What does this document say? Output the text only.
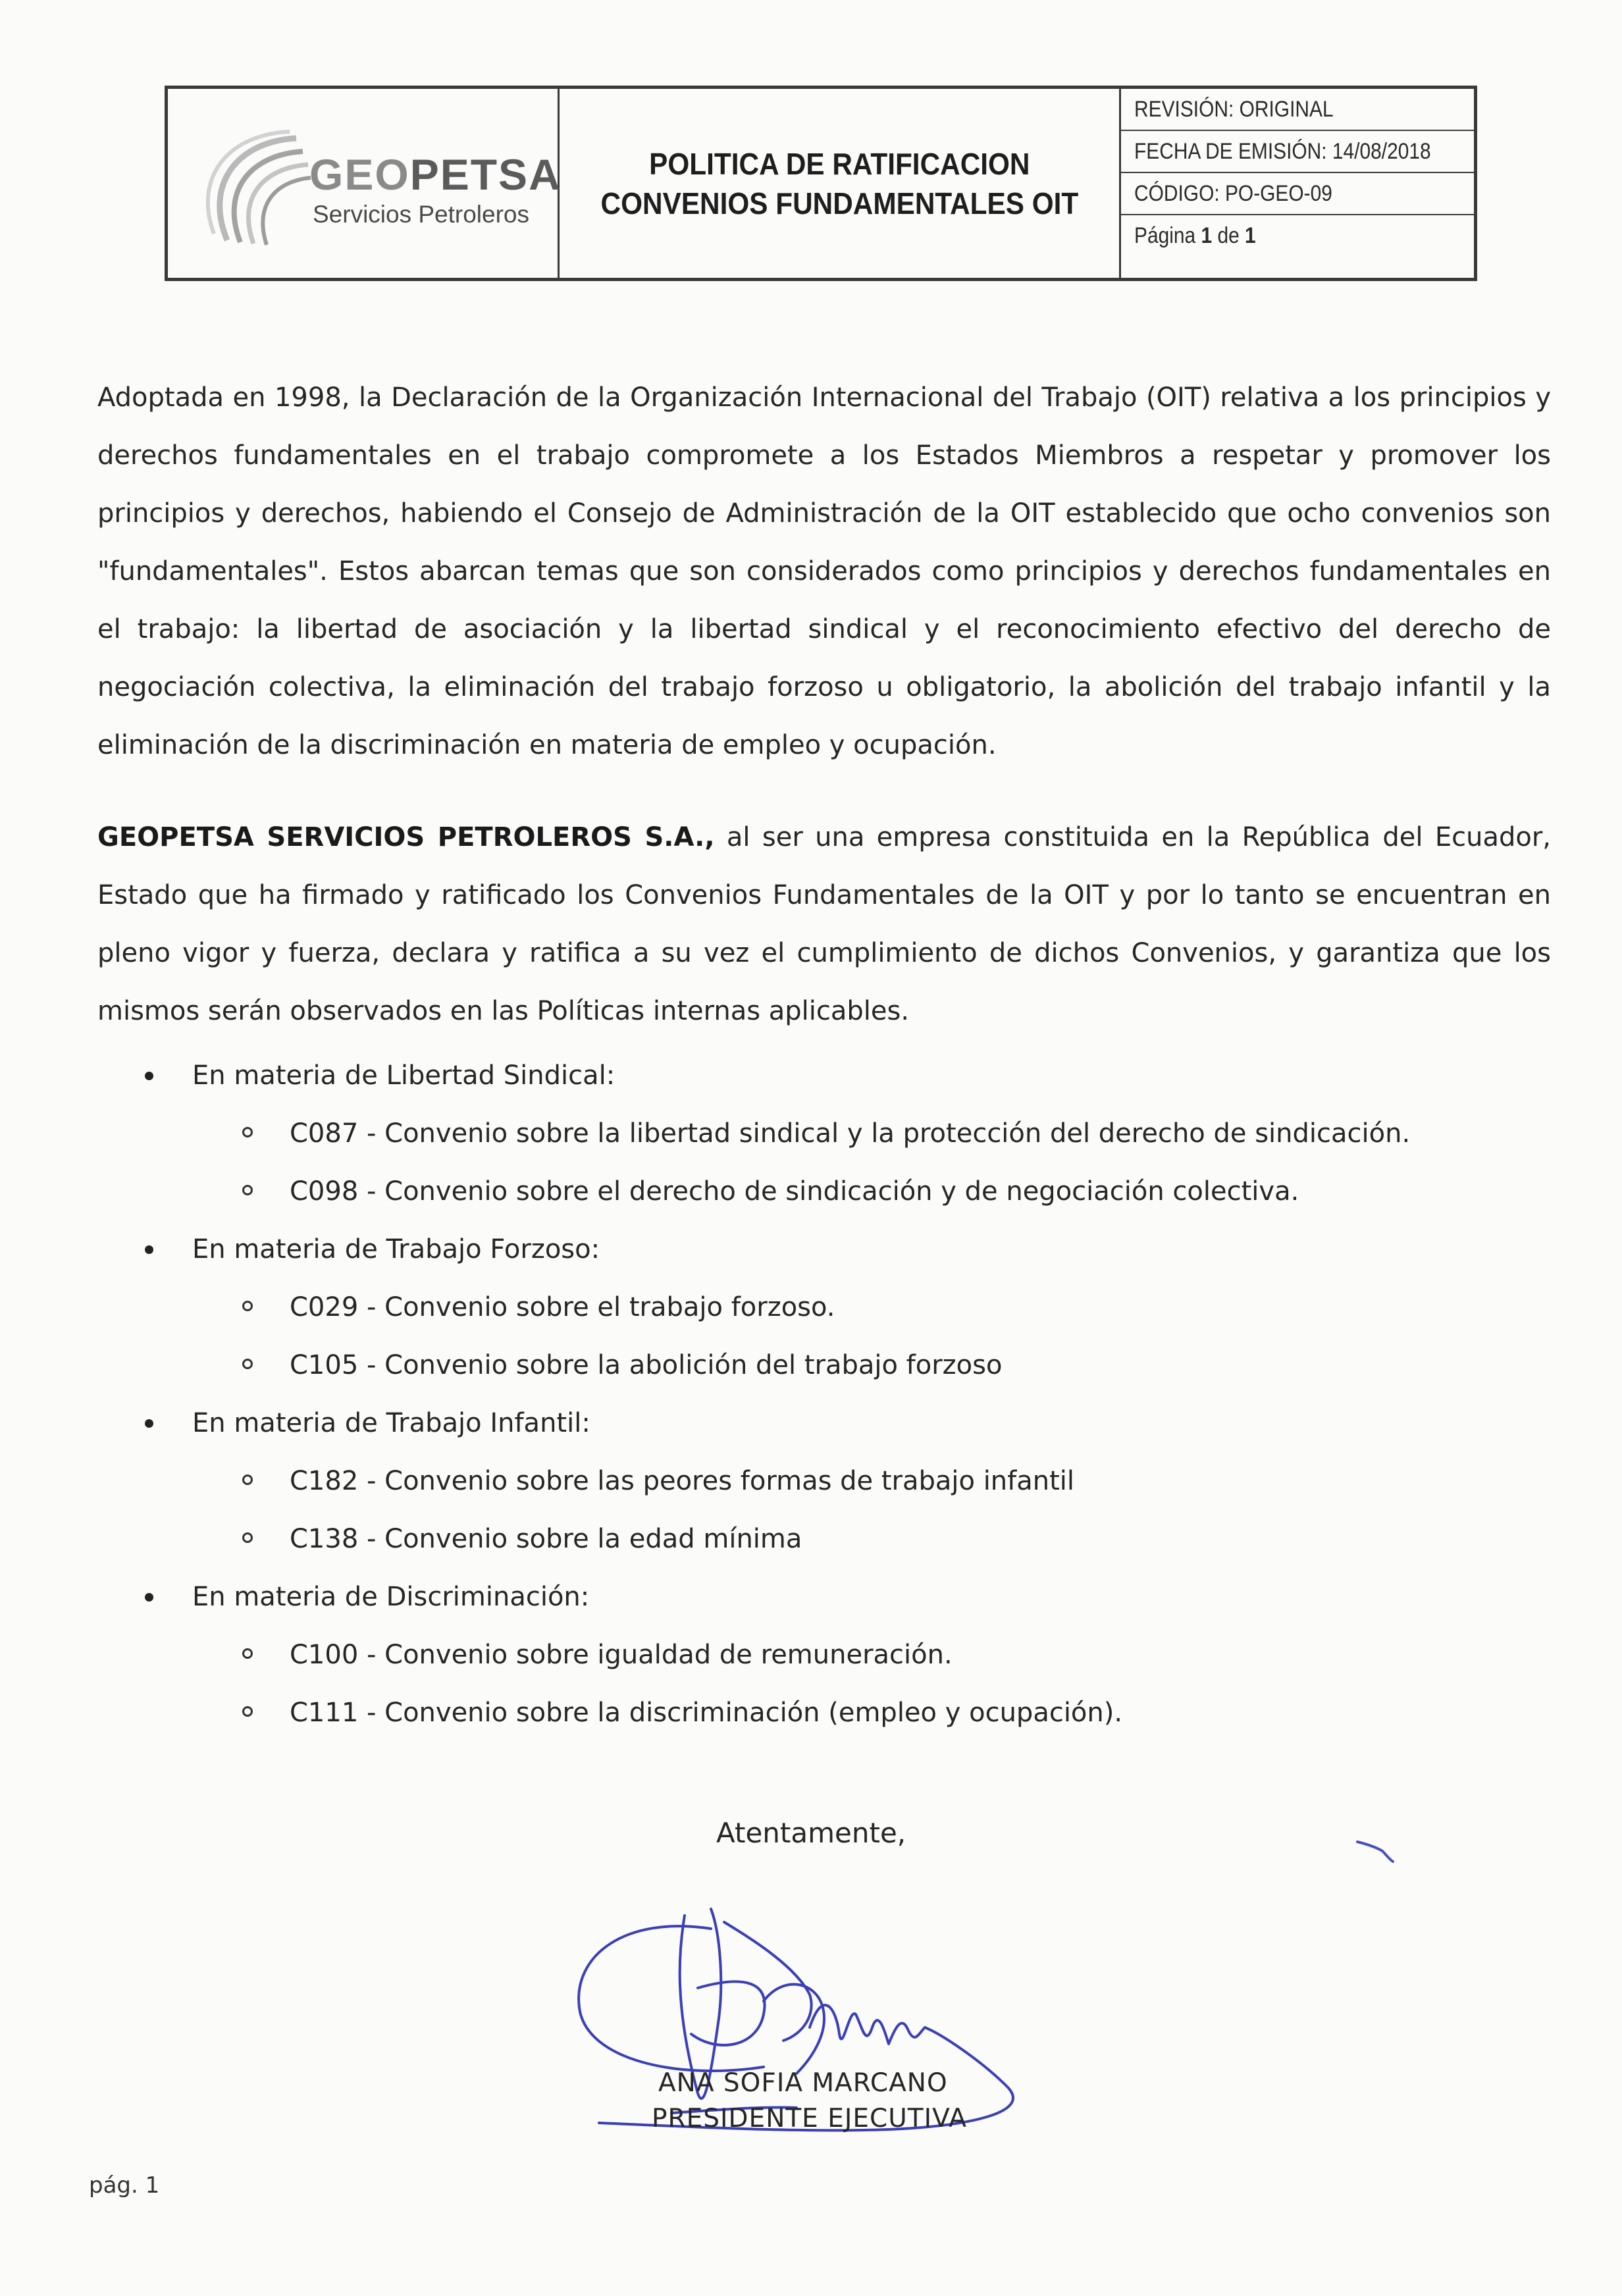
GEOPETSA
Servicios Petroleros
POLITICA DE RATIFICACION
CONVENIOS FUNDAMENTALES OIT
REVISIÓN: ORIGINAL
FECHA DE EMISIÓN: 14/08/2018
CÓDIGO: PO-GEO-09
Página 1 de 1
Adoptada en 1998, la Declaración de la Organización Internacional del Trabajo (OIT) relativa a los principios y derechos fundamentales en el trabajo compromete a los Estados Miembros a respetar y promover los principios y derechos, habiendo el Consejo de Administración de la OIT establecido que ocho convenios son "fundamentales". Estos abarcan temas que son considerados como principios y derechos fundamentales en el trabajo: la libertad de asociación y la libertad sindical y el reconocimiento efectivo del derecho de negociación colectiva, la eliminación del trabajo forzoso u obligatorio, la abolición del trabajo infantil y la eliminación de la discriminación en materia de empleo y ocupación.
GEOPETSA SERVICIOS PETROLEROS S.A., al ser una empresa constituida en la República del Ecuador, Estado que ha firmado y ratificado los Convenios Fundamentales de la OIT y por lo tanto se encuentran en pleno vigor y fuerza, declara y ratifica a su vez el cumplimiento de dichos Convenios, y garantiza que los mismos serán observados en las Políticas internas aplicables.
En materia de Libertad Sindical:
C087 - Convenio sobre la libertad sindical y la protección del derecho de sindicación.
C098 - Convenio sobre el derecho de sindicación y de negociación colectiva.
En materia de Trabajo Forzoso:
C029 - Convenio sobre el trabajo forzoso.
C105 - Convenio sobre la abolición del trabajo forzoso
En materia de Trabajo Infantil:
C182 - Convenio sobre las peores formas de trabajo infantil
C138 - Convenio sobre la edad mínima
En materia de Discriminación:
C100 - Convenio sobre igualdad de remuneración.
C111 - Convenio sobre la discriminación (empleo y ocupación).
Atentamente,
ANA SOFIA MARCANO
PRESIDENTE EJECUTIVA
pág. 1
